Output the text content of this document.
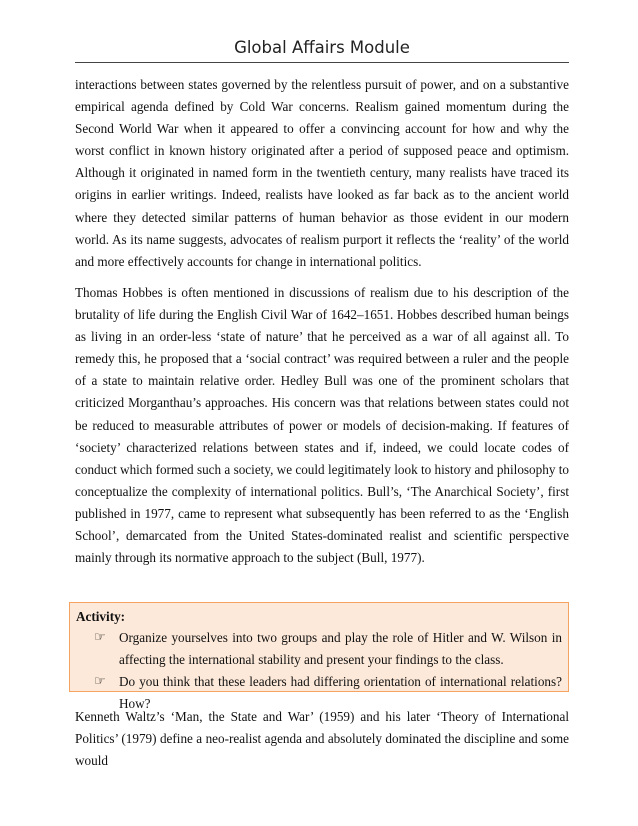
Global Affairs Module

interactions between states governed by the relentless pursuit of power, and on a substantive empirical agenda defined by Cold War concerns. Realism gained momentum during the Second World War when it appeared to offer a convincing account for how and why the worst conflict in known history originated after a period of supposed peace and optimism. Although it originated in named form in the twentieth century, many realists have traced its origins in earlier writings. Indeed, realists have looked as far back as to the ancient world where they detected similar patterns of human behavior as those evident in our modern world. As its name suggests, advocates of realism purport it reflects the ‘reality’ of the world and more effectively accounts for change in international politics.

Thomas Hobbes is often mentioned in discussions of realism due to his description of the brutality of life during the English Civil War of 1642–1651. Hobbes described human beings as living in an order-less ‘state of nature’ that he perceived as a war of all against all. To remedy this, he proposed that a ‘social contract’ was required between a ruler and the people of a state to maintain relative order. Hedley Bull was one of the prominent scholars that criticized Morganthau’s approaches. His concern was that relations between states could not be reduced to measurable attributes of power or models of decision-making. If features of ‘society’ characterized relations between states and if, indeed, we could locate codes of conduct which formed such a society, we could legitimately look to history and philosophy to conceptualize the complexity of international politics. Bull’s, ‘The Anarchical Society’, first published in 1977, came to represent what subsequently has been referred to as the ‘English School’, demarcated from the United States-dominated realist and scientific perspective mainly through its normative approach to the subject (Bull, 1977).

Activity:
☞	Organize yourselves into two groups and play the role of Hitler and W. Wilson in affecting the international stability and present your findings to the class.
☞	Do you think that these leaders had differing orientation of international relations? How?

Kenneth Waltz’s ‘Man, the State and War’ (1959) and his later ‘Theory of International Politics’ (1979) define a neo-realist agenda and absolutely dominated the discipline and some would
